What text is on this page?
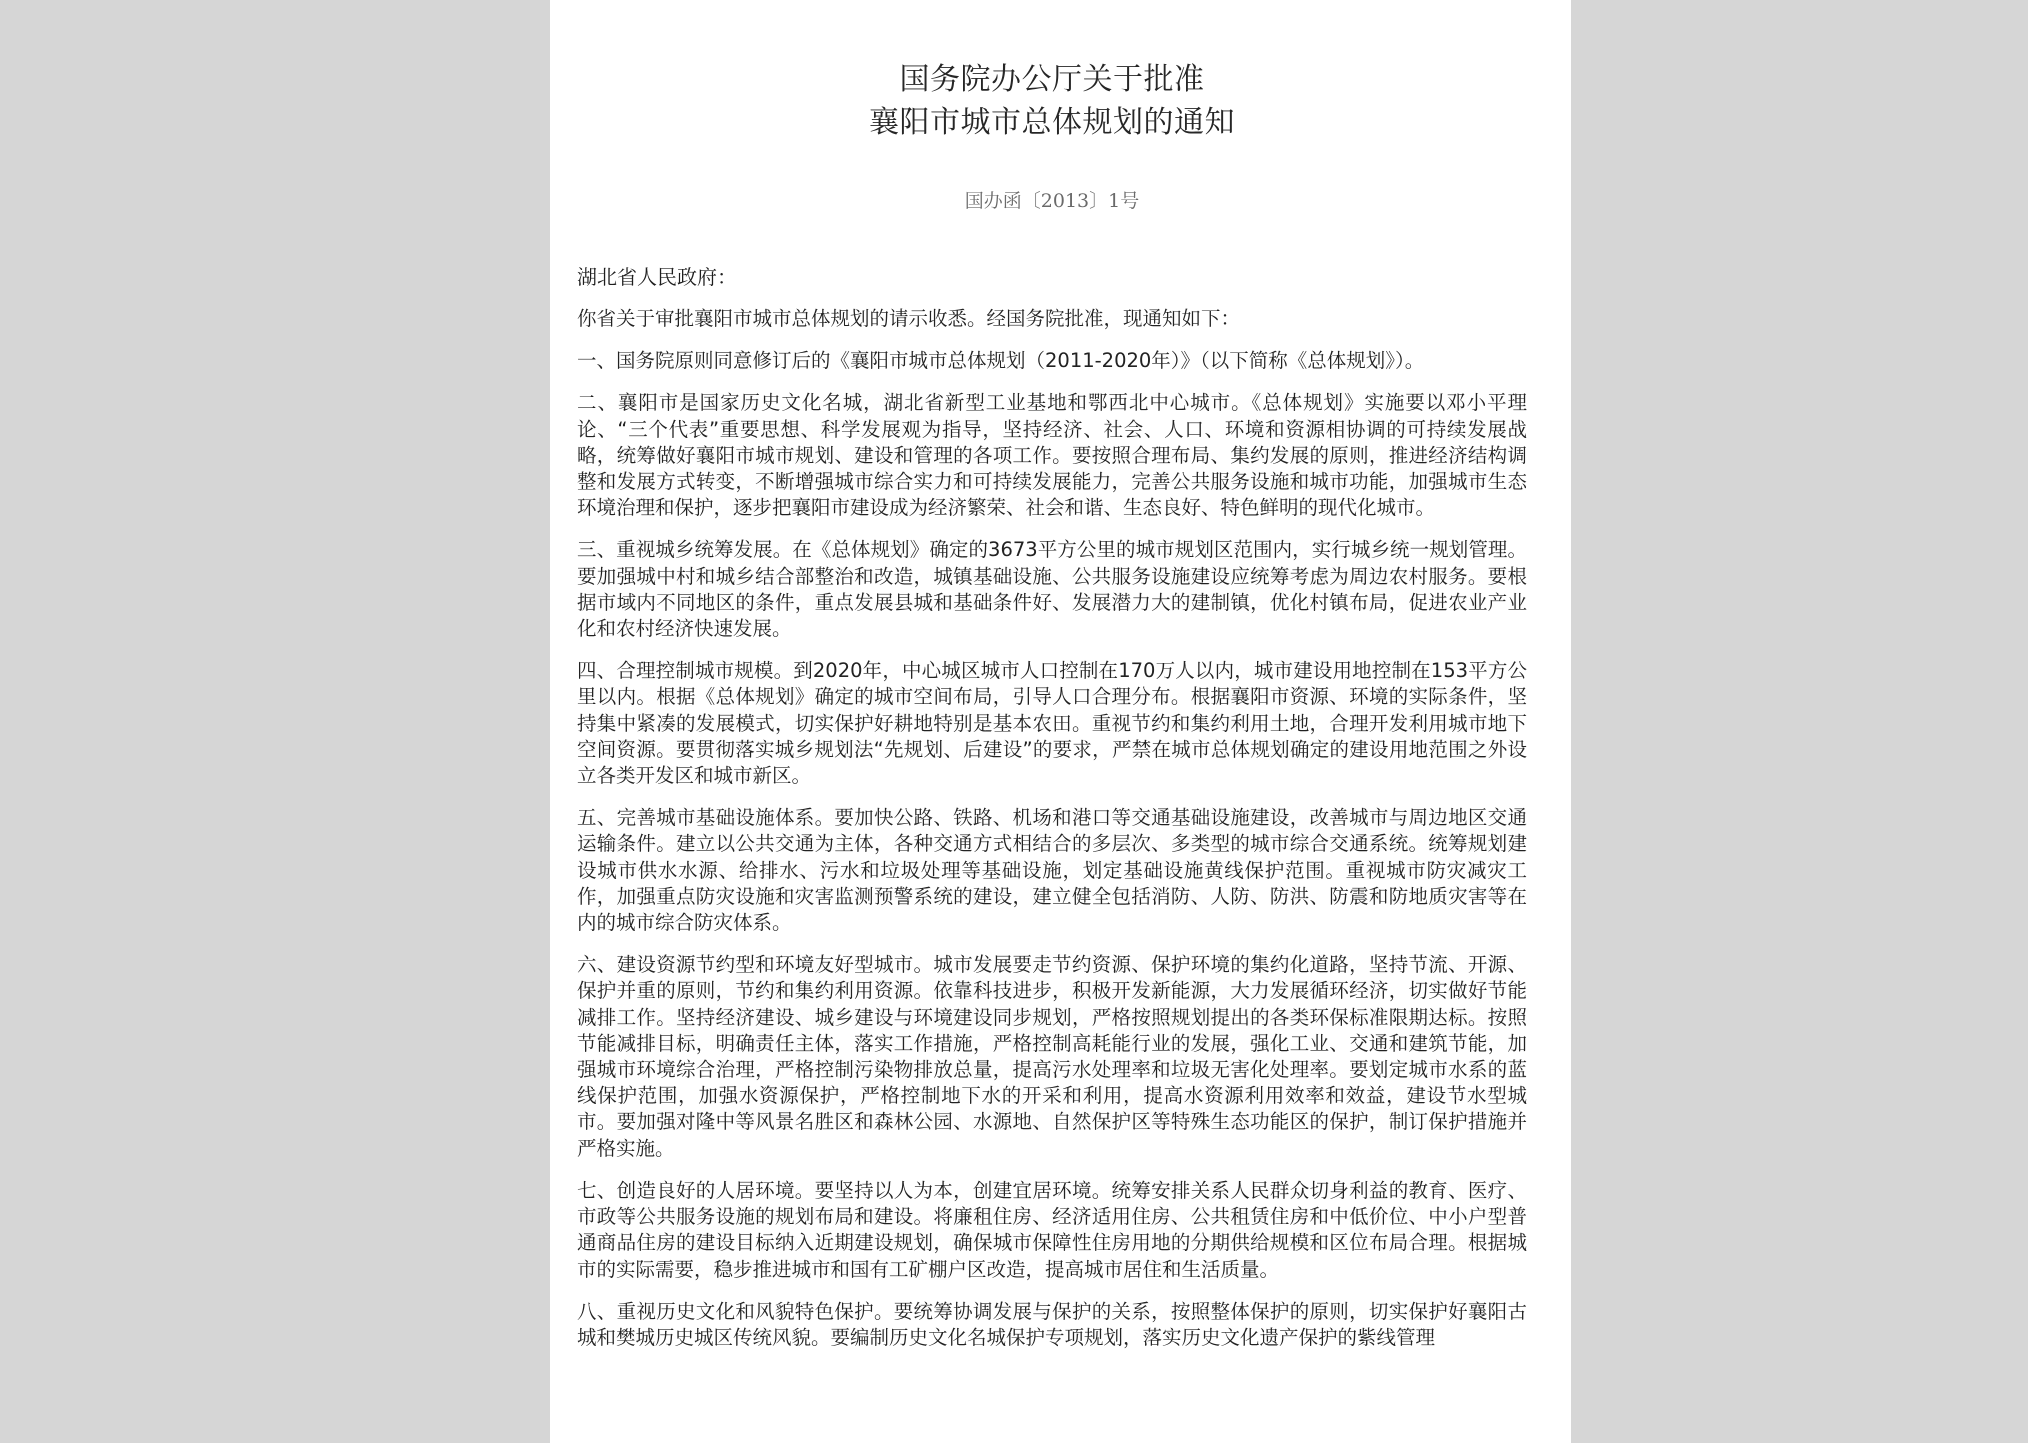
国务院办公厅关于批准
襄阳市城市总体规划的通知
国办函〔2013〕1号
湖北省人民政府：
你省关于审批襄阳市城市总体规划的请示收悉。经国务院批准，现通知如下：
一、国务院原则同意修订后的《襄阳市城市总体规划（2011-2020年）》（以下简称《总体规划》）。
二、襄阳市是国家历史文化名城，湖北省新型工业基地和鄂西北中心城市。《总体规划》实施要以邓小平理论、“三个代表”重要思想、科学发展观为指导，坚持经济、社会、人口、环境和资源相协调的可持续发展战略，统筹做好襄阳市城市规划、建设和管理的各项工作。要按照合理布局、集约发展的原则，推进经济结构调整和发展方式转变，不断增强城市综合实力和可持续发展能力，完善公共服务设施和城市功能，加强城市生态环境治理和保护，逐步把襄阳市建设成为经济繁荣、社会和谐、生态良好、特色鲜明的现代化城市。
三、重视城乡统筹发展。在《总体规划》确定的3673平方公里的城市规划区范围内，实行城乡统一规划管理。要加强城中村和城乡结合部整治和改造，城镇基础设施、公共服务设施建设应统筹考虑为周边农村服务。要根据市域内不同地区的条件，重点发展县城和基础条件好、发展潜力大的建制镇，优化村镇布局，促进农业产业化和农村经济快速发展。
四、合理控制城市规模。到2020年，中心城区城市人口控制在170万人以内，城市建设用地控制在153平方公里以内。根据《总体规划》确定的城市空间布局，引导人口合理分布。根据襄阳市资源、环境的实际条件，坚持集中紧凑的发展模式，切实保护好耕地特别是基本农田。重视节约和集约利用土地，合理开发利用城市地下空间资源。要贯彻落实城乡规划法“先规划、后建设”的要求，严禁在城市总体规划确定的建设用地范围之外设立各类开发区和城市新区。
五、完善城市基础设施体系。要加快公路、铁路、机场和港口等交通基础设施建设，改善城市与周边地区交通运输条件。建立以公共交通为主体，各种交通方式相结合的多层次、多类型的城市综合交通系统。统筹规划建设城市供水水源、给排水、污水和垃圾处理等基础设施，划定基础设施黄线保护范围。重视城市防灾减灾工作，加强重点防灾设施和灾害监测预警系统的建设，建立健全包括消防、人防、防洪、防震和防地质灾害等在内的城市综合防灾体系。
六、建设资源节约型和环境友好型城市。城市发展要走节约资源、保护环境的集约化道路，坚持节流、开源、保护并重的原则，节约和集约利用资源。依靠科技进步，积极开发新能源，大力发展循环经济，切实做好节能减排工作。坚持经济建设、城乡建设与环境建设同步规划，严格按照规划提出的各类环保标准限期达标。按照节能减排目标，明确责任主体，落实工作措施，严格控制高耗能行业的发展，强化工业、交通和建筑节能，加强城市环境综合治理，严格控制污染物排放总量，提高污水处理率和垃圾无害化处理率。要划定城市水系的蓝线保护范围，加强水资源保护，严格控制地下水的开采和利用，提高水资源利用效率和效益，建设节水型城市。要加强对隆中等风景名胜区和森林公园、水源地、自然保护区等特殊生态功能区的保护，制订保护措施并严格实施。
七、创造良好的人居环境。要坚持以人为本，创建宜居环境。统筹安排关系人民群众切身利益的教育、医疗、市政等公共服务设施的规划布局和建设。将廉租住房、经济适用住房、公共租赁住房和中低价位、中小户型普通商品住房的建设目标纳入近期建设规划，确保城市保障性住房用地的分期供给规模和区位布局合理。根据城市的实际需要，稳步推进城市和国有工矿棚户区改造，提高城市居住和生活质量。
八、重视历史文化和风貌特色保护。要统筹协调发展与保护的关系，按照整体保护的原则，切实保护好襄阳古城和樊城历史城区传统风貌。要编制历史文化名城保护专项规划，落实历史文化遗产保护的紫线管理
